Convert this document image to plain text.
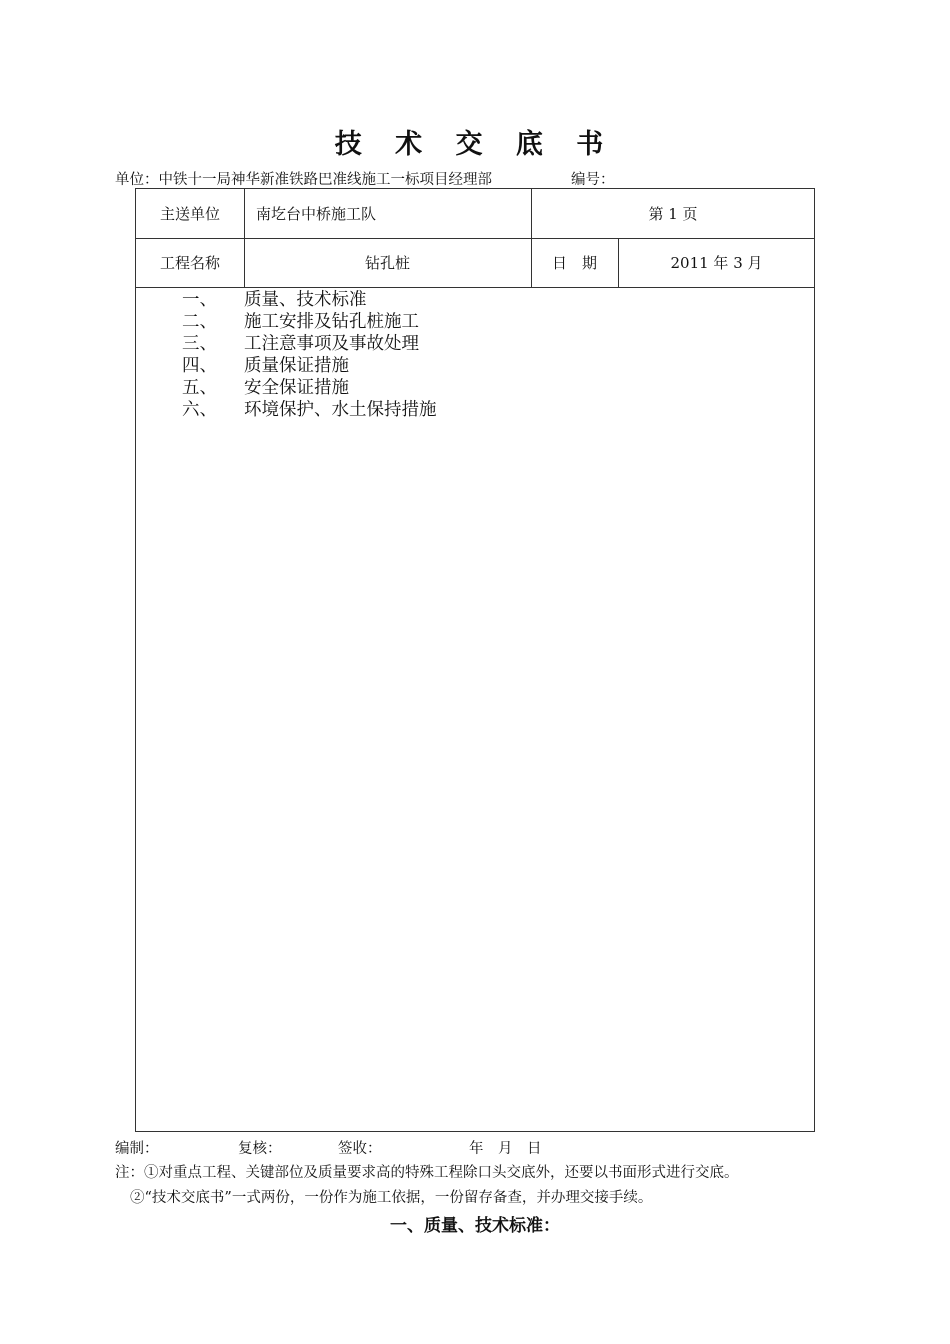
技 术 交 底 书
单位：中铁十一局神华新准铁路巴准线施工一标项目经理部	编号：
主送单位	南圪台中桥施工队	第 1 页
工程名称	钻孔桩	日　期	2011 年 3 月
一、	质量、技术标准
二、	施工安排及钻孔桩施工
三、	工注意事项及事故处理
四、	质量保证措施
五、	安全保证措施
六、	环境保护、水土保持措施
编制：	复核：	签收：	年　月　日
注：①对重点工程、关键部位及质量要求高的特殊工程除口头交底外，还要以书面形式进行交底。
②“技术交底书”一式两份，一份作为施工依据，一份留存备查，并办理交接手续。
一、质量、技术标准：
